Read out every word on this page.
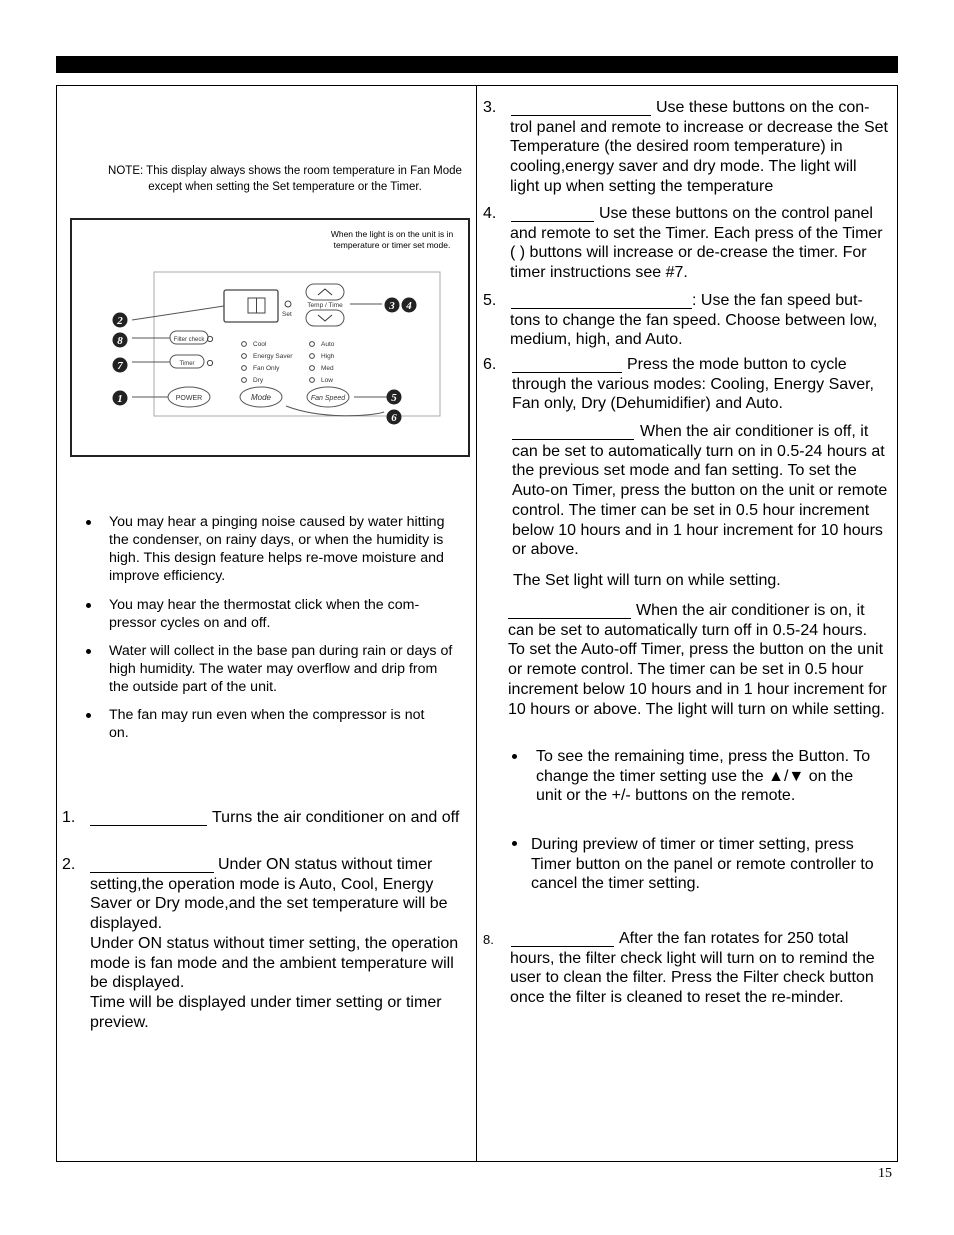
NOTE: This display always shows the room temperature in Fan Mode except when setting the Set temperature or the Timer.
2
8
7
1
3 4
5
6
Set
Temp / Time
Filter check
Timer
POWER	Mode	Fan Speed
Cool
Energy Saver
Fan Only
Dry
Auto
High
Med
Low
When the light is on the unit is in temperature or timer set mode.
You may hear a pinging noise caused by water hitting the condenser, on rainy days, or when the humidity is high. This design feature helps re-move moisture and improve efficiency.
You may hear the thermostat click when the com-pressor cycles on and off.
Water will collect in the base pan during rain or days of high humidity. The water may overflow and drip from the outside part of the unit.
The fan may run even when the compressor is not on.
1.	Turns the air conditioner on and off
2.	Under ON status without timer setting,the operation mode is Auto, Cool, Energy Saver or Dry mode,and the set temperature will be displayed.
Under ON status without timer setting, the operation mode is fan mode and the ambient temperature will be displayed.
Time will be displayed under timer setting or timer preview.
3.	Use these buttons on the con-trol panel and remote to increase or decrease the Set Temperature (the desired room temperature) in cooling,energy saver and dry mode. The light will light up when setting the temperature
4.	Use these buttons on the control panel and remote to set the Timer. Each press of the Timer ( ) buttons will increase or de-crease the timer. For timer instructions see #7.
5.	: Use the fan speed but-tons to change the fan speed. Choose between low, medium, high, and Auto.
6.	Press the mode button to cycle through the various modes: Cooling, Energy Saver, Fan only, Dry (Dehumidifier) and Auto.
When the air conditioner is off, it can be set to automatically turn on in 0.5-24 hours at the previous set mode and fan setting. To set the Auto-on Timer, press the button on the unit or remote control. The timer can be set in 0.5 hour increment below 10 hours and in 1 hour increment for 10 hours or above.
The Set light will turn on while setting.
When the air conditioner is on, it can be set to automatically turn off in 0.5-24 hours. To set the Auto-off Timer, press the button on the unit or remote control. The timer can be set in 0.5 hour increment below 10 hours and in 1 hour increment for 10 hours or above. The light will turn on while setting.
To see the remaining time, press the Button. To change the timer setting use the ▲/▼ on the unit or the +/- buttons on the remote.
During preview of timer or timer setting, press Timer button on the panel or remote controller to cancel the timer setting.
8.	After the fan rotates for 250 total hours, the filter check light will turn on to remind the user to clean the filter. Press the Filter check button once the filter is cleaned to reset the re-minder.
15
